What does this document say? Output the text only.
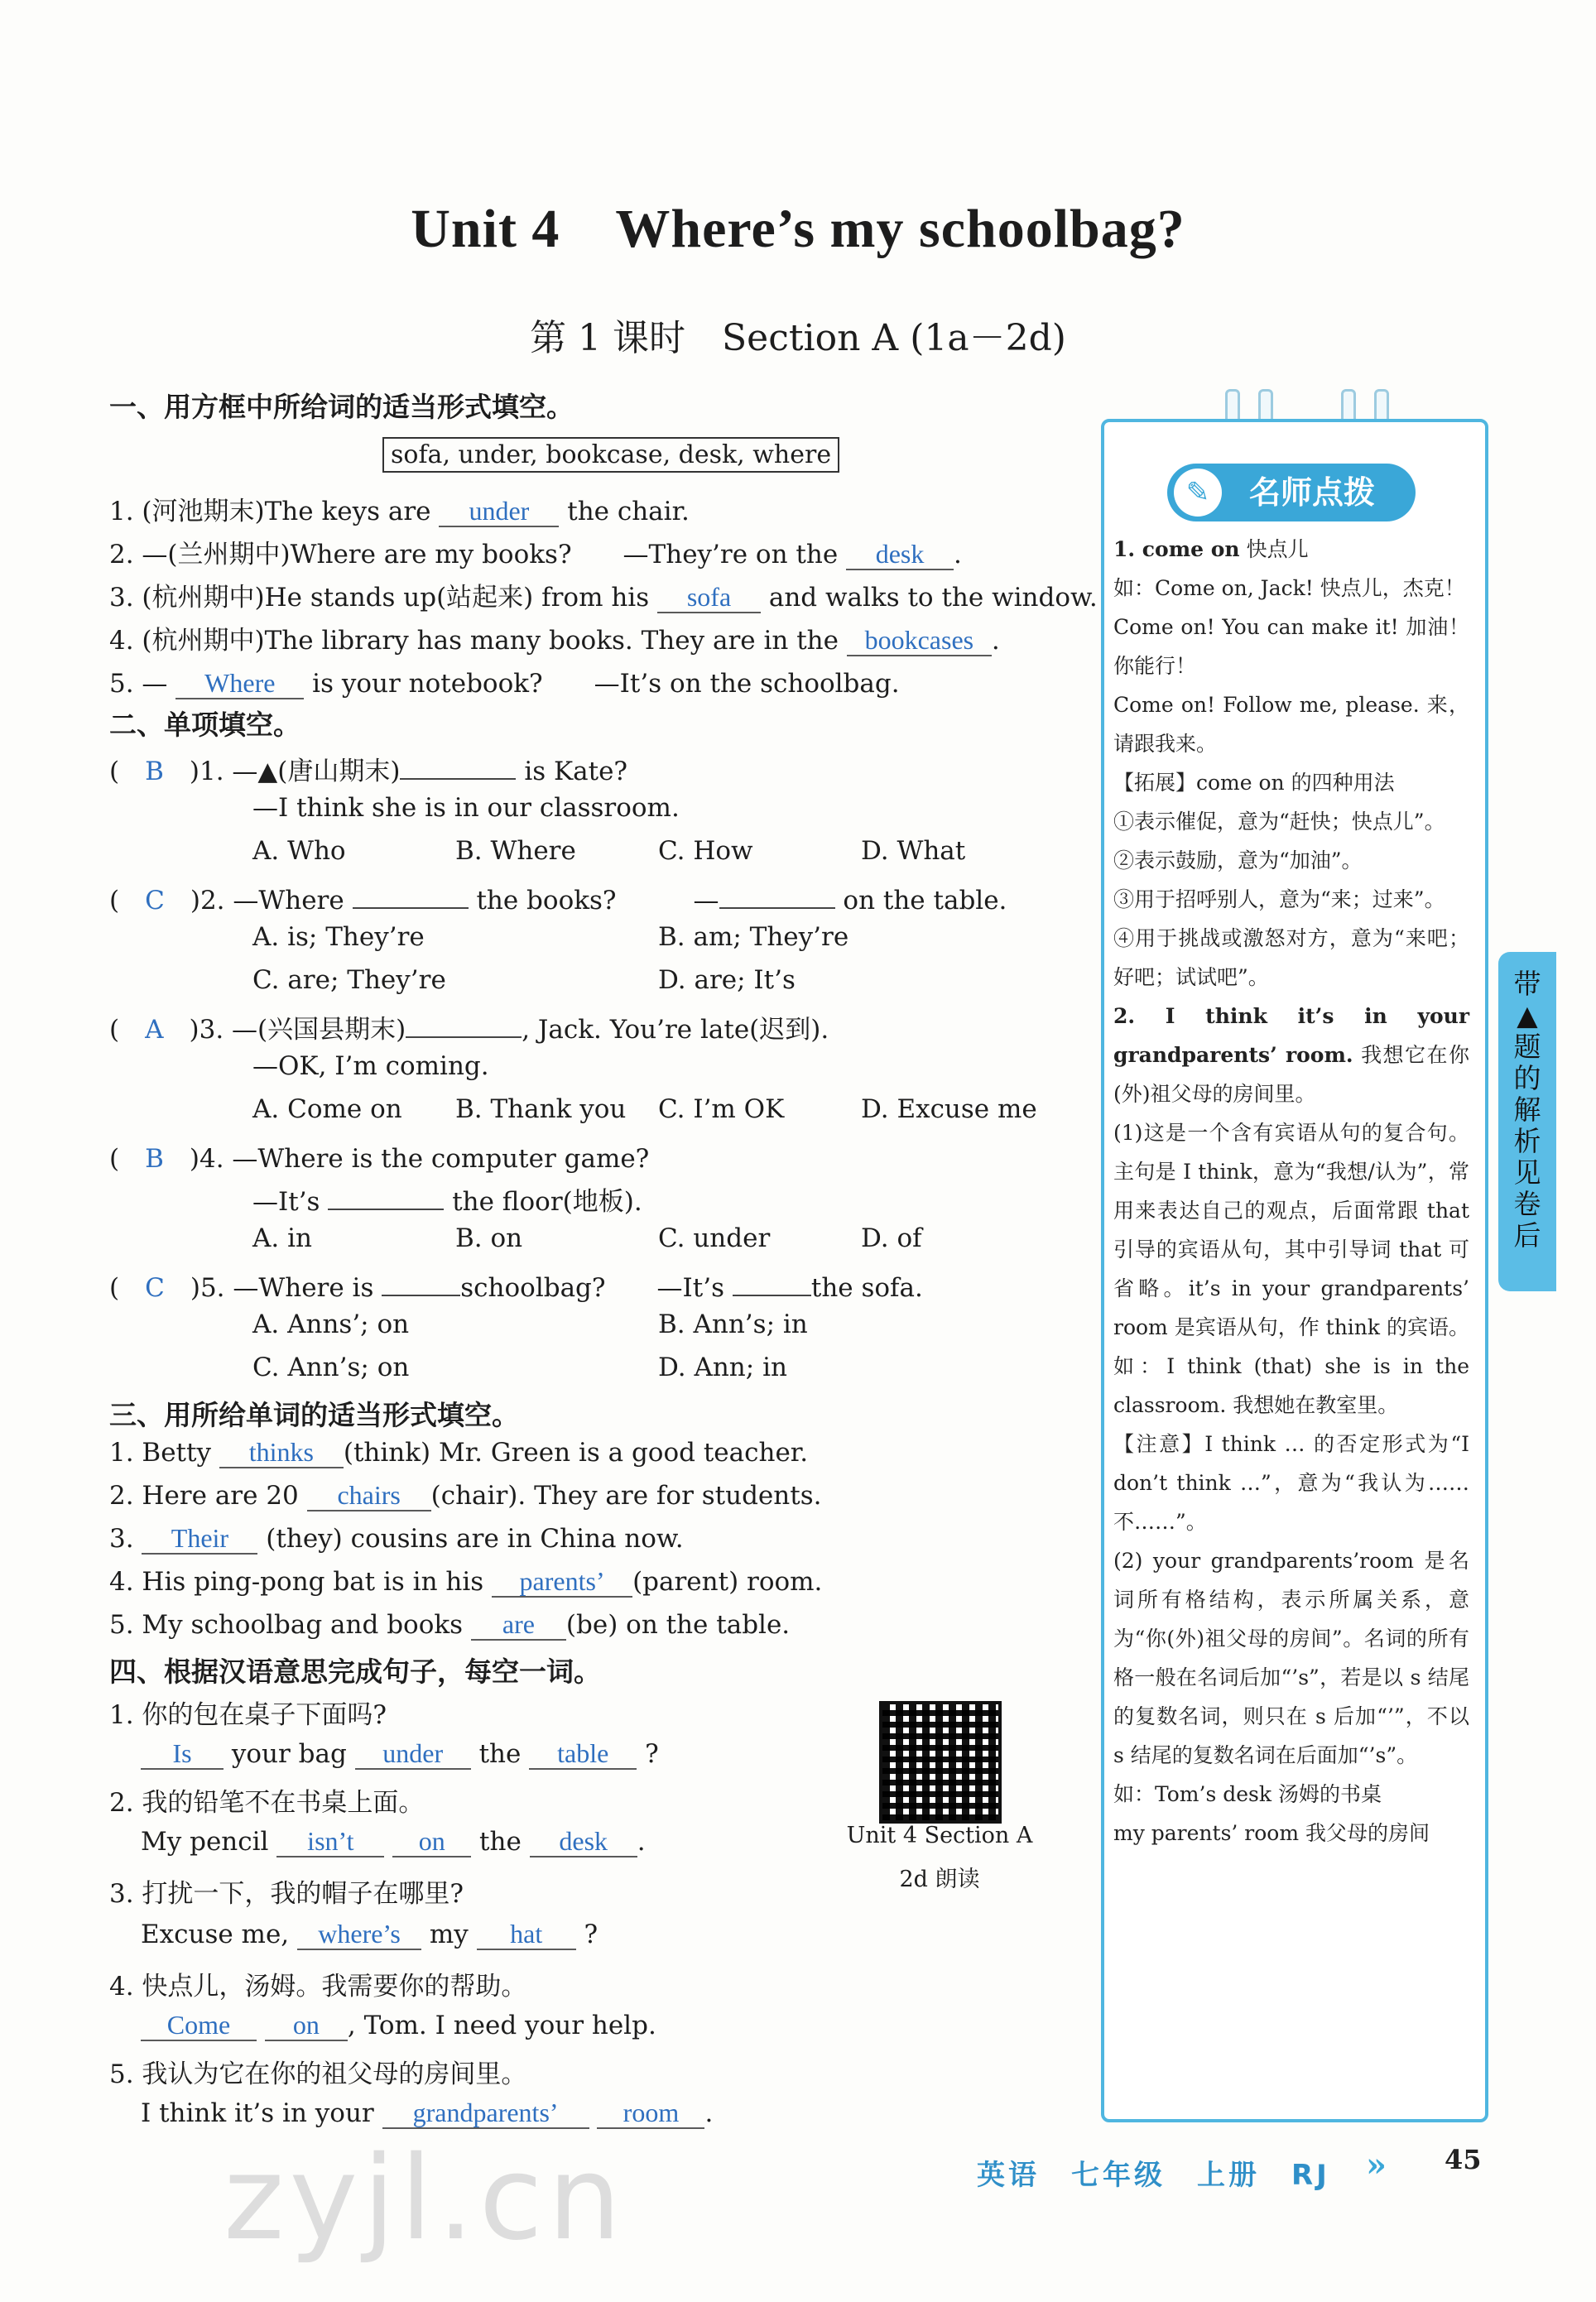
Unit 4　Where’s my schoolbag?
第 1 课时　Section A (1a－2d)
一、用方框中所给词的适当形式填空。
sofa, under, bookcase, desk, where
1. (河池期末)The keys are under the chair.
2. —(兰州期中)Where are my books?　　—They’re on the desk .
3. (杭州期中)He stands up(站起来) from his sofa and walks to the window.
4. (杭州期中)The library has many books. They are in the bookcases .
5. — Where is your notebook?　　—It’s on the schoolbag.
二、单项填空。
(　B　 )1. —▲(唐山期末)	is Kate?
—I think she is in our classroom.
A. Who	B. Where	C. How	D. What
(　C　 )2. —Where	the books?　　　	—	on the table.
A. is; They’re	B. am; They’re
C. are; They’re	D. are; It’s
(　A　 )3. —(兴国县期末)	, Jack. You’re late(迟到).
—OK, I’m coming.
A. Come on B. Thank you C. I’m OK	D. Excuse me
(　B　 )4. —Where is the computer game?
—It’s	the floor(地板).
A. in	B. on	C. under	D. of
(　C　 )5. —Where is	schoolbag?　　 —It’s	the sofa.
A. Anns’; on	B. Ann’s; in
C. Ann’s; on	D. Ann; in
三、用所给单词的适当形式填空。
1. Betty thinks (think) Mr. Green is a good teacher.
2. Here are 20 chairs (chair). They are for students.
3. Their (they) cousins are in China now.
4. His ping-pong bat is in his parents’ (parent) room.
5. My schoolbag and books are (be) on the table.
四、根据汉语意思完成句子，每空一词。
1. 你的包在桌子下面吗?
Is your bag under the table ?
2. 我的铅笔不在书桌上面。
My pencil isn’t on the desk .
3. 打扰一下，我的帽子在哪里?
Excuse me, where’s my hat ?
4. 快点儿，汤姆。我需要你的帮助。
Come on , Tom. I need your help.
5. 我认为它在你的祖父母的房间里。
I think it’s in your grandparents’ room .
Unit 4 Section A
2d 朗读
名师点拨
✎

1. come on 快点儿

如：Come on, Jack! 快点儿，杰克！

Come on! You can make it! 加油！你能行！

Come on! Follow me, please. 来，请跟我来。

【拓展】come on 的四种用法

①表示催促，意为“赶快；快点儿”。

②表示鼓励，意为“加油”。

③用于招呼别人，意为“来；过来”。

④用于挑战或激怒对方，意为“来吧；好吧；试试吧”。

2. I think it’s in your grandparents’ room. 我想它在你(外)祖父母的房间里。

(1)这是一个含有宾语从句的复合句。主句是 I think，意为“我想/认为”，常用来表达自己的观点，后面常跟 that 引导的宾语从句，其中引导词 that 可省略。it’s in your grandparents’ room 是宾语从句，作 think 的宾语。

如：I think (that) she is in the classroom. 我想她在教室里。

【注意】I think … 的否定形式为“I don’t think …”，意为“我认为……不……”。

(2) your grandparents’room 是名词所有格结构，表示所属关系，意为“你(外)祖父母的房间”。名词的所有格一般在名词后加“’s”，若是以 s 结尾的复数名词，则只在 s 后加“’”，不以 s 结尾的复数名词在后面加“’s”。

如：Tom’s desk 汤姆的书桌

my parents’ room 我父母的房间

带
▲
题
的
解
析
见
卷
后
zyjl.cn	英语　七年级　上册　RJ » 45
